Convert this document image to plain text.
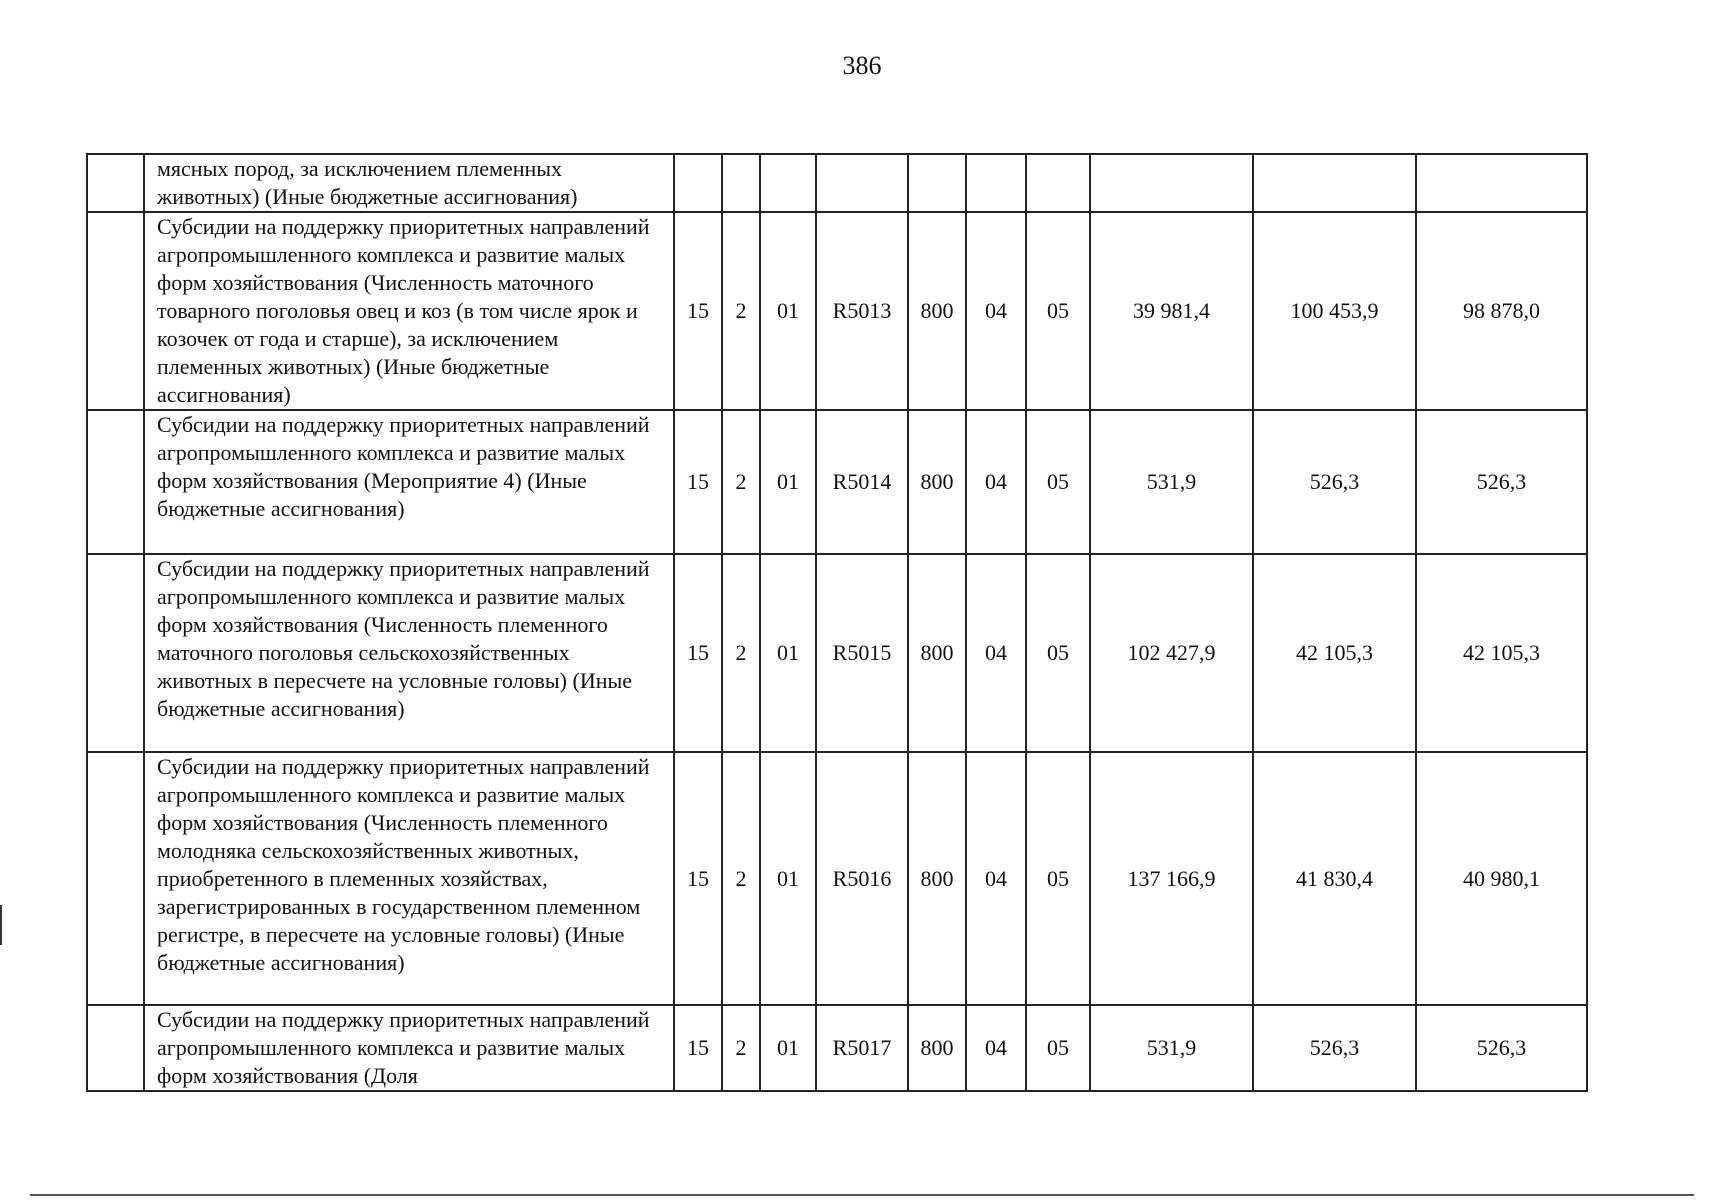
386
	мясных пород, за исключением племенных животных) (Иные бюджетные ассигнования)										
	Субсидии на поддержку приоритетных направлений агропромышленного комплекса и развитие малых форм хозяйствования (Численность маточного товарного поголовья овец и коз (в том числе ярок и козочек от года и старше), за исключением племенных животных) (Иные бюджетные ассигнования)	15	2	01	R5013	800	04	05	39 981,4	100 453,9	98 878,0
	Субсидии на поддержку приоритетных направлений агропромышленного комплекса и развитие малых форм хозяйствования (Мероприятие 4) (Иные бюджетные ассигнования)	15	2	01	R5014	800	04	05	531,9	526,3	526,3
	Субсидии на поддержку приоритетных направлений агропромышленного комплекса и развитие малых форм хозяйствования (Численность племенного маточного поголовья сельскохозяйственных животных в пересчете на условные головы) (Иные бюджетные ассигнования)	15	2	01	R5015	800	04	05	102 427,9	42 105,3	42 105,3
	Субсидии на поддержку приоритетных направлений агропромышленного комплекса и развитие малых форм хозяйствования (Численность племенного молодняка сельскохозяйственных животных, приобретенного в племенных хозяйствах, зарегистрированных в государственном племенном регистре, в пересчете на условные головы) (Иные бюджетные ассигнования)	15	2	01	R5016	800	04	05	137 166,9	41 830,4	40 980,1
	Субсидии на поддержку приоритетных направлений агропромышленного комплекса и развитие малых форм хозяйствования (Доля	15	2	01	R5017	800	04	05	531,9	526,3	526,3
